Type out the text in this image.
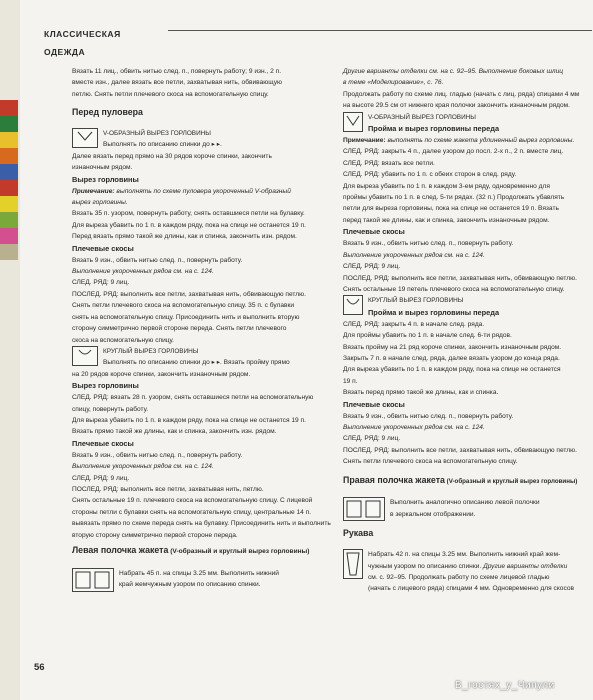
КЛАССИЧЕСКАЯ ОДЕЖДА

Вязать 11 лиц., обвить нитью след. п., повернуть работу; 9 изн., 2 п.

вместе изн., далее вязать все петли, захватывая нить, обвивающую

петлю. Снять петли плечевого скоса на вспомогательную спицу.

Перед пуловера

V-ОБРАЗНЫЙ ВЫРЕЗ ГОРЛОВИНЫ

Выполнять по описанию спинки до ▸ ▸.

Далее вязать перед прямо на 30 рядов короче спинки, закончить

изнаночным рядом.

Вырез горловины

Примечание: выполнять по схеме пуловера укороченный V-образный

вырез горловины.

Вязать 35 п. узором, повернуть работу, снять оставшиеся петли на булавку.

Для выреза убавить по 1 п. в каждом ряду, пока на спице не останется 19 п.

Перед вязать прямо такой же длины, как и спинка, закончить изн. рядом.

Плечевые скосы

Вязать 9 изн., обвить нитью след. п., повернуть работу.

Выполнение укороченных рядов см. на с. 124.

СЛЕД. РЯД: 9 лиц.

ПОСЛЕД. РЯД: выполнить все петли, захватывая нить, обвивающую петлю.

Снять петли плечевого скоса на вспомогательную спицу. 35 п. с булавки

снять на вспомогательную спицу. Присоединить нить и выполнить вторую

сторону симметрично первой стороне переда. Снять петли плечевого

скоса на вспомогательную спицу.

КРУГЛЫЙ ВЫРЕЗ ГОРЛОВИНЫ

Выполнять по описанию спинки до ▸ ▸. Вязать пройму прямо

на 20 рядов короче спинки, закончить изнаночным рядом.

Вырез горловины

СЛЕД. РЯД: вязать 28 п. узором, снять оставшиеся петли на вспомогательную

спицу, повернуть работу.

Для выреза убавить по 1 п. в каждом ряду, пока на спице не останется 19 п.

Вязать прямо такой же длины, как и спинка, закончить изн. рядом.

Плечевые скосы

Вязать 9 изн., обвить нитью след. п., повернуть работу.

Выполнение укороченных рядов см. на с. 124.

СЛЕД. РЯД: 9 лиц.

ПОСЛЕД. РЯД: выполнить все петли, захватывая нить, петлю.

Снять остальные 19 п. плечевого скоса на вспомогательную спицу. С лицевой

стороны петли с булавки снять на вспомогательную спицу, центральные 14 п.

вывязать прямо по схеме переда снять на булавку. Присоединить нить и выполнить

вторую сторону симметрично первой стороне переда.

Левая полочка жакета (V-образный и круглый вырез горловины)

Набрать 45 п. на спицы 3.25 мм. Выполнить нижний

край жемчужным узором по описанию спинки.

Другие варианты отделки см. на с. 92–95. Выполнение боковых шлиц

в теме «Моделирование», с. 76.

Продолжать работу по схеме лиц. гладью (начать с лиц. ряда) спицами 4 мм

на высоте 29.5 см от нижнего края полочки закончить изнаночным рядом.

V-ОБРАЗНЫЙ ВЫРЕЗ ГОРЛОВИНЫ

Пройма и вырез горловины переда

Примечание: выполнять по схеме жакета удлиненный вырез горловины.

СЛЕД. РЯД: закрыть 4 п., далее узором до посл. 2-х п., 2 п. вместе лиц.

СЛЕД. РЯД: вязать все петли.

СЛЕД. РЯД: убавить по 1 п. с обеих сторон в след. ряду.

Для выреза убавить по 1 п. в каждом 3-ем ряду, одновременно для

проймы убавить по 1 п. в след. 5-ти рядах. (32 п.) Продолжать убавлять

петли для выреза горловины, пока на спице не останется 19 п. Вязать

перед такой же длины, как и спинка, закончить изнаночным рядом.

Плечевые скосы

Вязать 9 изн., обвить нитью след. п., повернуть работу.

Выполнение укороченных рядов см. на с. 124.

СЛЕД. РЯД: 9 лиц.

ПОСЛЕД. РЯД: выполнить все петли, захватывая нить, обвивающую петлю.

Снять остальные 19 петель плечевого скоса на вспомогательную спицу.

КРУГЛЫЙ ВЫРЕЗ ГОРЛОВИНЫ

Пройма и вырез горловины переда

СЛЕД. РЯД: закрыть 4 п. в начале след. ряда.

Для проймы убавить по 1 п. в начале след. 6-ти рядов.

Вязать пройму на 21 ряд короче спинки, закончить изнаночным рядом.

Закрыть 7 п. в начале след. ряда, далее вязать узором до конца ряда.

Для выреза убавить по 1 п. в каждом ряду, пока на спице не останется

19 п.

Вязать перед прямо такой же длины, как и спинка.

Плечевые скосы

Вязать 9 изн., обвить нитью след. п., повернуть работу.

Выполнение укороченных рядов см. на с. 124.

СЛЕД. РЯД: 9 лиц.

ПОСЛЕД. РЯД: выполнить все петли, захватывая нить, обвивающую петлю.

Снять петли плечевого скоса на вспомогательную спицу.

Правая полочка жакета (V-образный и круглый вырез горловины)

Выполнить аналогично описанию левой полочки

в зеркальном отображении.

Рукава

Набрать 42 п. на спицы 3.25 мм. Выполнить нижний край жем-

чужным узором по описанию спинки. Другие варианты отделки

см. с. 92–95. Продолжать работу по схеме лицевой гладью

(начать с лицевого ряда) спицами 4 мм. Одновременно для скосов

56
В_гостях_у_Чипули
